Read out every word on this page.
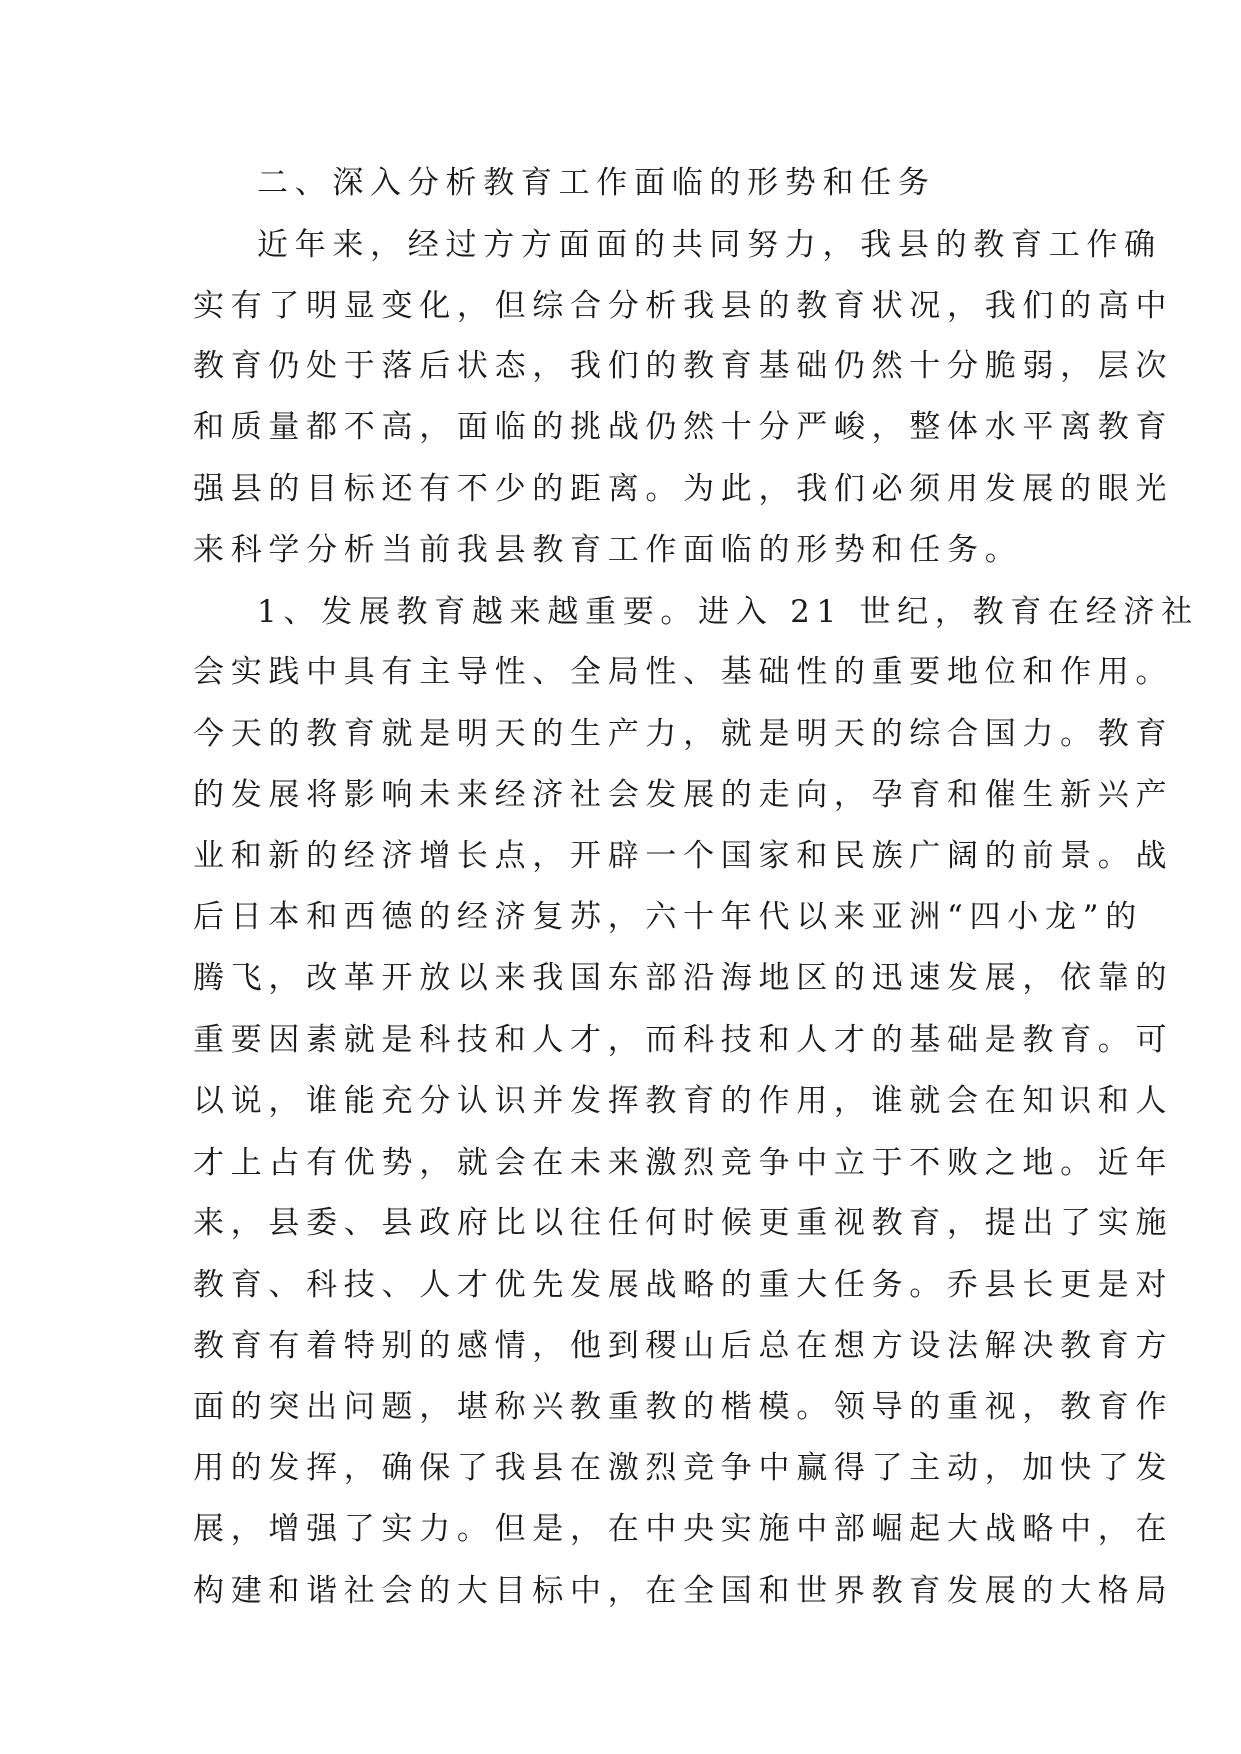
二、深入分析教育工作面临的形势和任务
近年来，经过方方面面的共同努力，我县的教育工作确
实有了明显变化，但综合分析我县的教育状况，我们的高中
教育仍处于落后状态，我们的教育基础仍然十分脆弱，层次
和质量都不高，面临的挑战仍然十分严峻，整体水平离教育
强县的目标还有不少的距离。为此，我们必须用发展的眼光
来科学分析当前我县教育工作面临的形势和任务。
1、发展教育越来越重要。进入 21 世纪，教育在经济社
会实践中具有主导性、全局性、基础性的重要地位和作用。
今天的教育就是明天的生产力，就是明天的综合国力。教育
的发展将影响未来经济社会发展的走向，孕育和催生新兴产
业和新的经济增长点，开辟一个国家和民族广阔的前景。战
后日本和西德的经济复苏，六十年代以来亚洲“四小龙”的
腾飞，改革开放以来我国东部沿海地区的迅速发展，依靠的
重要因素就是科技和人才，而科技和人才的基础是教育。可
以说，谁能充分认识并发挥教育的作用，谁就会在知识和人
才上占有优势，就会在未来激烈竞争中立于不败之地。近年
来，县委、县政府比以往任何时候更重视教育，提出了实施
教育、科技、人才优先发展战略的重大任务。乔县长更是对
教育有着特别的感情，他到稷山后总在想方设法解决教育方
面的突出问题，堪称兴教重教的楷模。领导的重视，教育作
用的发挥，确保了我县在激烈竞争中赢得了主动，加快了发
展，增强了实力。但是，在中央实施中部崛起大战略中，在
构建和谐社会的大目标中，在全国和世界教育发展的大格局
